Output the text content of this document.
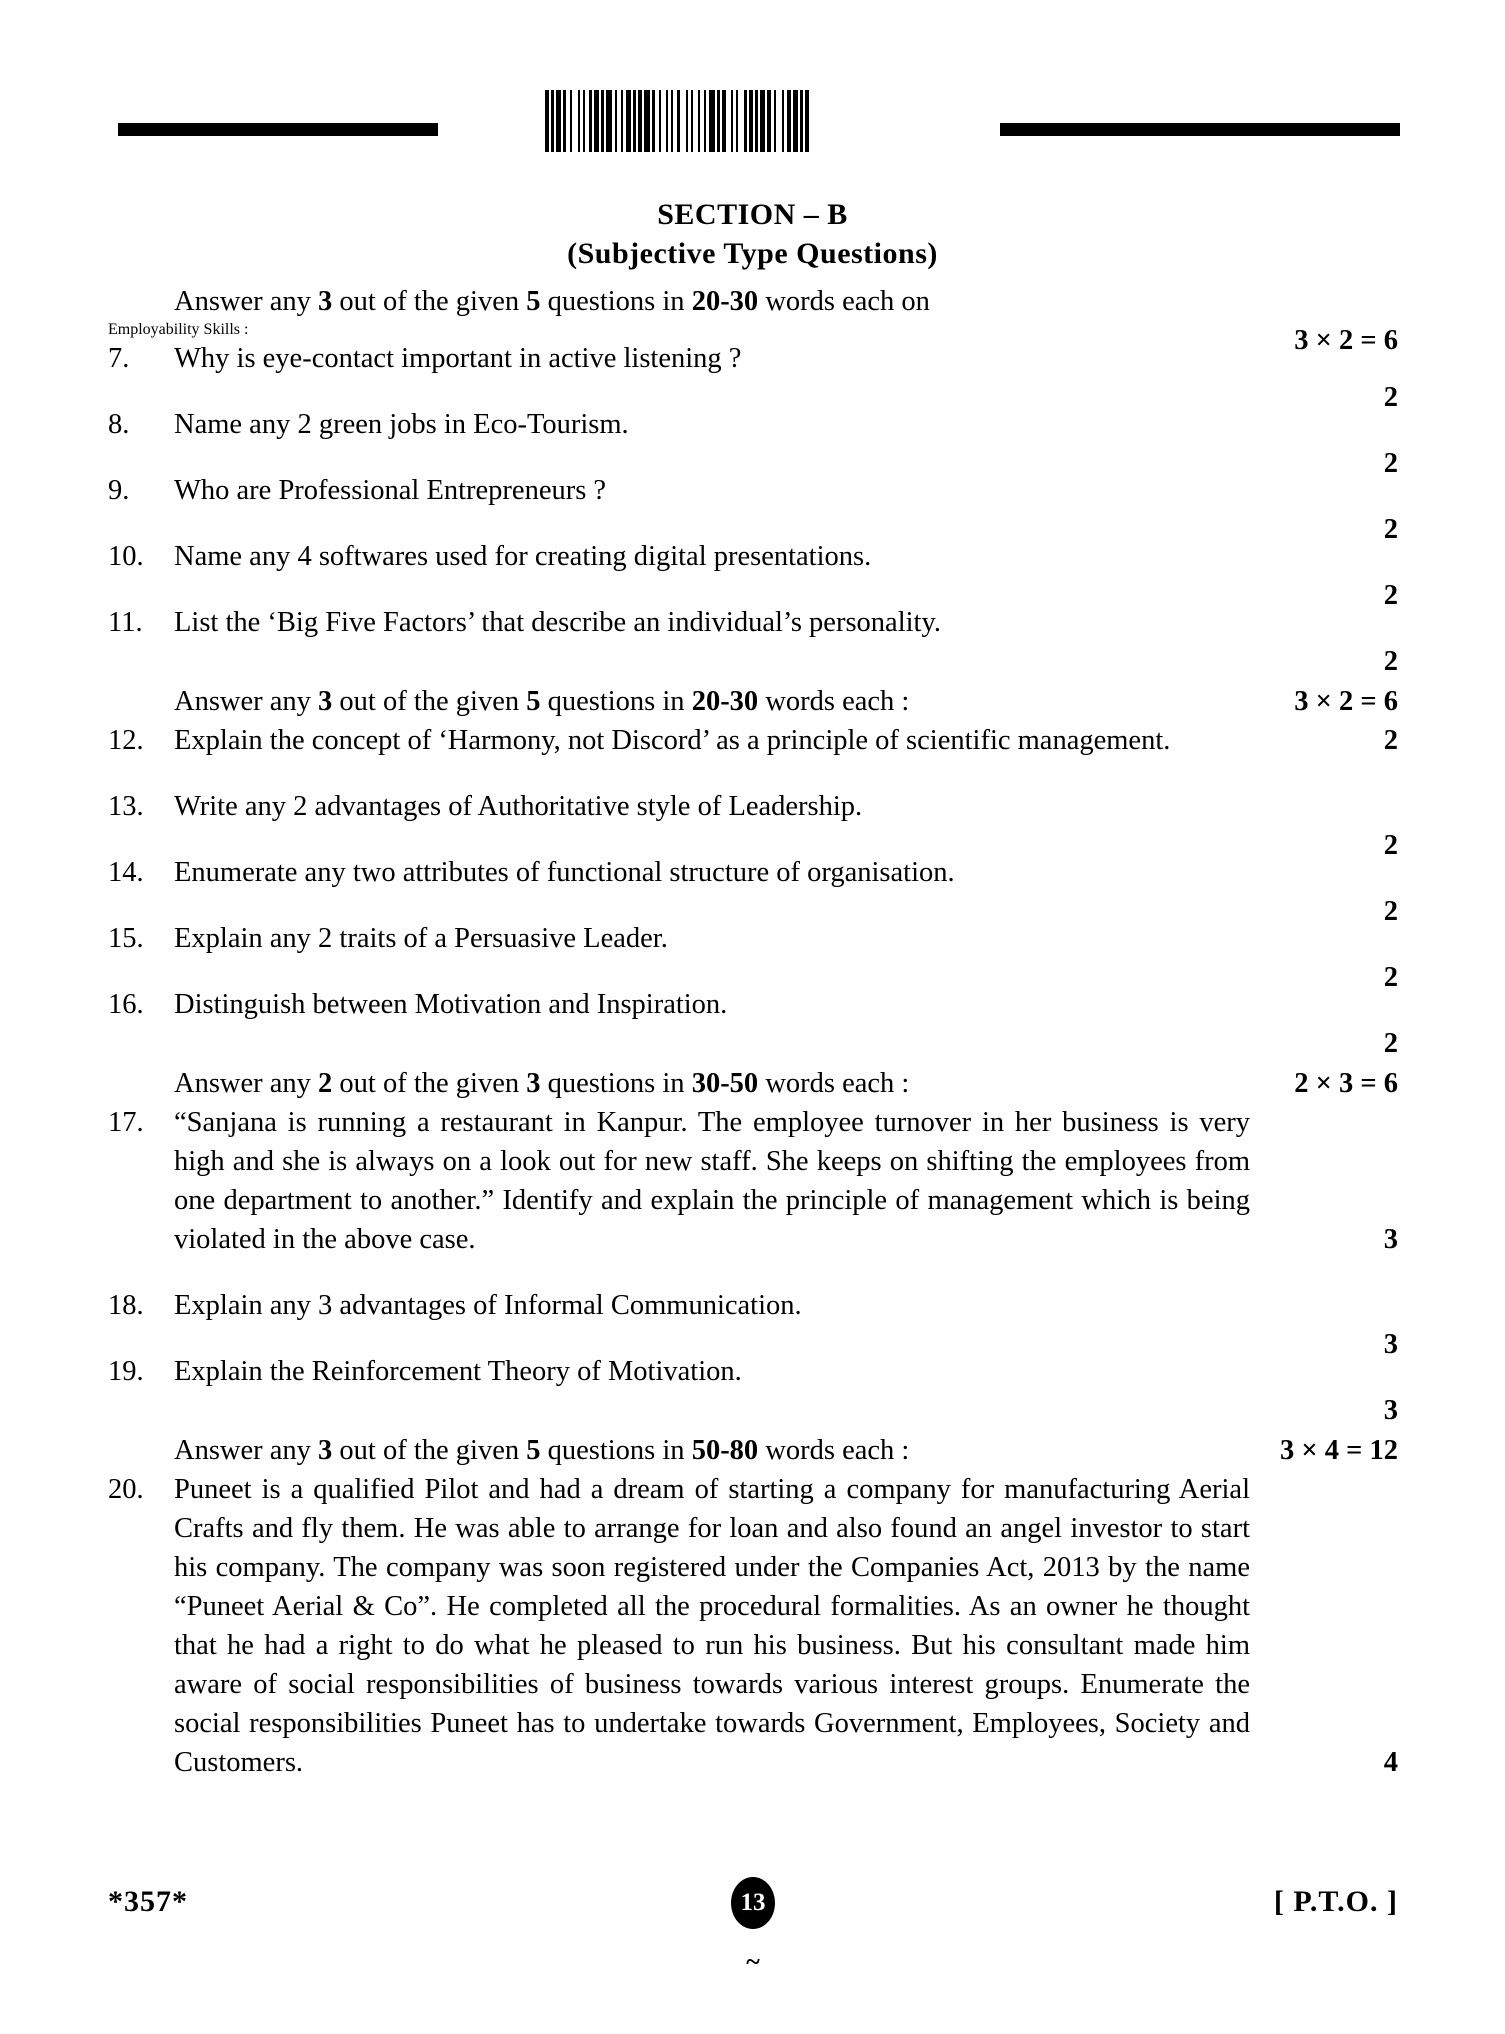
SECTION – B
(Subjective Type Questions)
Answer any 3 out of the given 5 questions in 20-30 words each on
Employability Skills :	3 × 2 = 6
7.	Why is eye-contact important in active listening ?
2
8.	Name any 2 green jobs in Eco-Tourism.
2
9.	Who are Professional Entrepreneurs ?
2
10.	Name any 4 softwares used for creating digital presentations.
2
11.	List the ‘Big Five Factors’ that describe an individual’s personality.
2
Answer any 3 out of the given 5 questions in 20-30 words each :	3 × 2 = 6
12.	Explain the concept of ‘Harmony, not Discord’ as a principle of scientific management.	2
13.	Write any 2 advantages of Authoritative style of Leadership.
2
14.	Enumerate any two attributes of functional structure of organisation.
2
15.	Explain any 2 traits of a Persuasive Leader.
2
16.	Distinguish between Motivation and Inspiration.
2
Answer any 2 out of the given 3 questions in 30-50 words each :	2 × 3 = 6
17.	“Sanjana is running a restaurant in Kanpur. The employee turnover in her business is very high and she is always on a look out for new staff. She keeps on shifting the employees from one department to another.” Identify and explain the principle of management which is being violated in the above case.	3
18.	Explain any 3 advantages of Informal Communication.
3
19.	Explain the Reinforcement Theory of Motivation.
3
Answer any 3 out of the given 5 questions in 50-80 words each :	3 × 4 = 12
20.	Puneet is a qualified Pilot and had a dream of starting a company for manufacturing Aerial Crafts and fly them. He was able to arrange for loan and also found an angel investor to start his company. The company was soon registered under the Companies Act, 2013 by the name “Puneet Aerial & Co”. He completed all the procedural formalities. As an owner he thought that he had a right to do what he pleased to run his business. But his consultant made him aware of social responsibilities of business towards various interest groups. Enumerate the social responsibilities Puneet has to undertake towards Government, Employees, Society and Customers.	4
*357*	13
~
[ P.T.O. ]
